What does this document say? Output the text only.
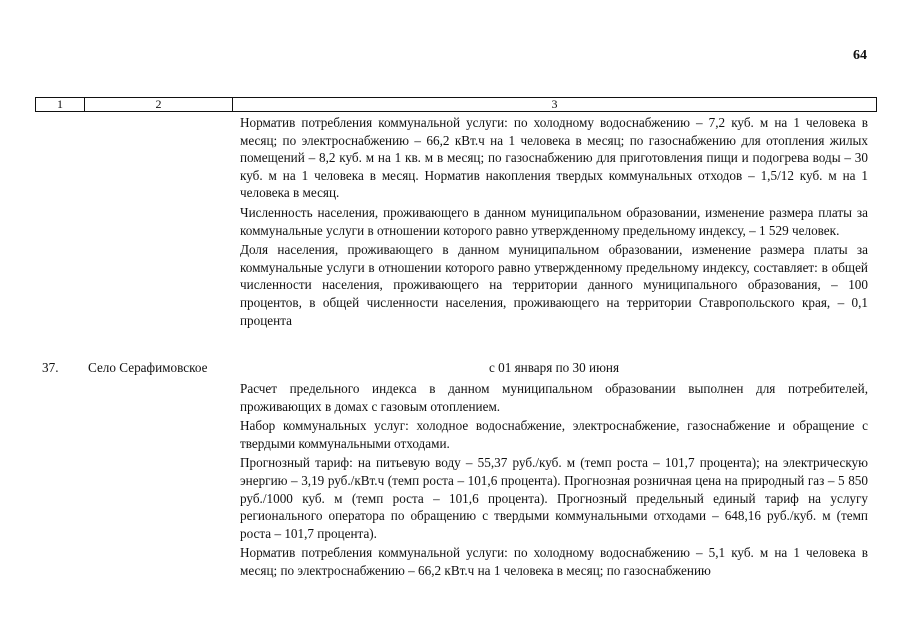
64
1	2	3

Норматив потребления коммунальной услуги: по холодному водоснабжению – 7,2 куб. м на 1 человека в месяц; по электроснабжению – 66,2 кВт.ч на 1 человека в месяц; по газоснабжению для отопления жилых помещений – 8,2 куб. м на 1 кв. м в месяц; по газоснабжению для приготовления пищи и подогрева воды – 30 куб. м на 1 человека в месяц. Норматив накопления твердых коммунальных отходов – 1,5/12 куб. м на 1 человека в месяц.

Численность населения, проживающего в данном муниципальном образовании, изменение размера платы за коммунальные услуги в отношении которого равно утвержденному предельному индексу, – 1 529 человек.

Доля населения, проживающего в данном муниципальном образовании, изменение размера платы за коммунальные услуги в отношении которого равно утвержденному предельному индексу, составляет: в общей численности населения, проживающего на территории данного муниципального образования, – 100 процентов, в общей численности населения, проживающего на территории Ставропольского края, – 0,1 процента

37. Село Серафимовское	с 01 января по 30 июня

Расчет предельного индекса в данном муниципальном образовании выполнен для потребителей, проживающих в домах с газовым отоплением.

Набор коммунальных услуг: холодное водоснабжение, электроснабжение, газоснабжение и обращение с твердыми коммунальными отходами.

Прогнозный тариф: на питьевую воду – 55,37 руб./куб. м (темп роста – 101,7 процента); на электрическую энергию – 3,19 руб./кВт.ч (темп роста – 101,6 процента). Прогнозная розничная цена на природный газ – 5 850 руб./1000 куб. м (темп роста – 101,6 процента). Прогнозный предельный единый тариф на услугу регионального оператора по обращению с твердыми коммунальными отходами – 648,16 руб./куб. м (темп роста – 101,7 процента).

Норматив потребления коммунальной услуги: по холодному водоснабжению – 5,1 куб. м на 1 человека в месяц; по электроснабжению – 66,2 кВт.ч на 1 человека в месяц; по газоснабжению
